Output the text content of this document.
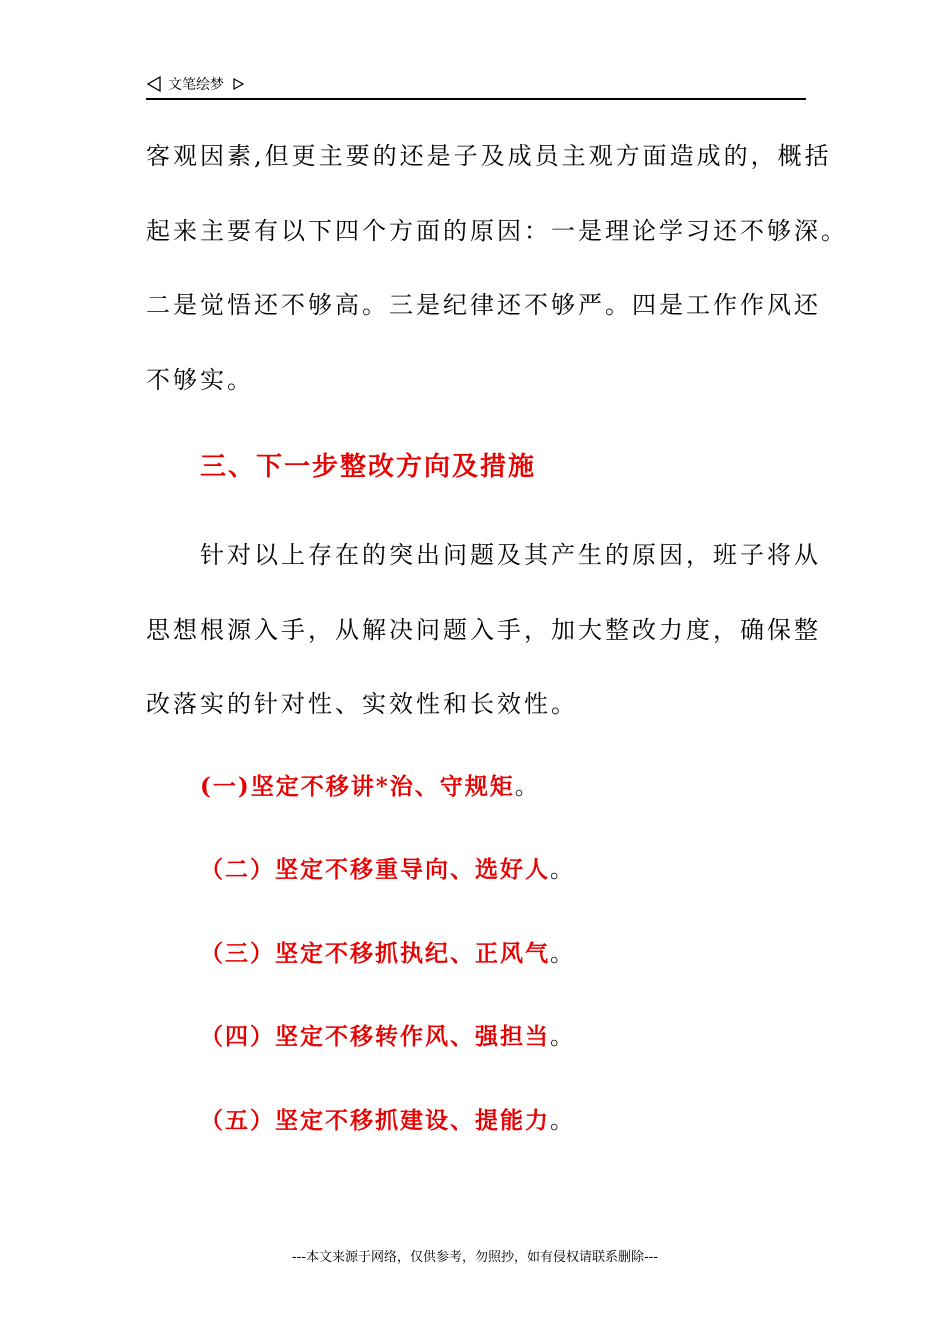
文笔绘梦
客观因素,但更主要的还是子及成员主观方面造成的，概括
起来主要有以下四个方面的原因：一是理论学习还不够深。
二是觉悟还不够高。三是纪律还不够严。四是工作作风还
不够实。
三、下一步整改方向及措施
针对以上存在的突出问题及其产生的原因，班子将从
思想根源入手，从解决问题入手，加大整改力度，确保整
改落实的针对性、实效性和长效性。
(一)坚定不移讲*治、守规矩。
（二）坚定不移重导向、选好人。
（三）坚定不移抓执纪、正风气。
（四）坚定不移转作风、强担当。
（五）坚定不移抓建设、提能力。
---本文来源于网络，仅供参考，勿照抄，如有侵权请联系删除---
